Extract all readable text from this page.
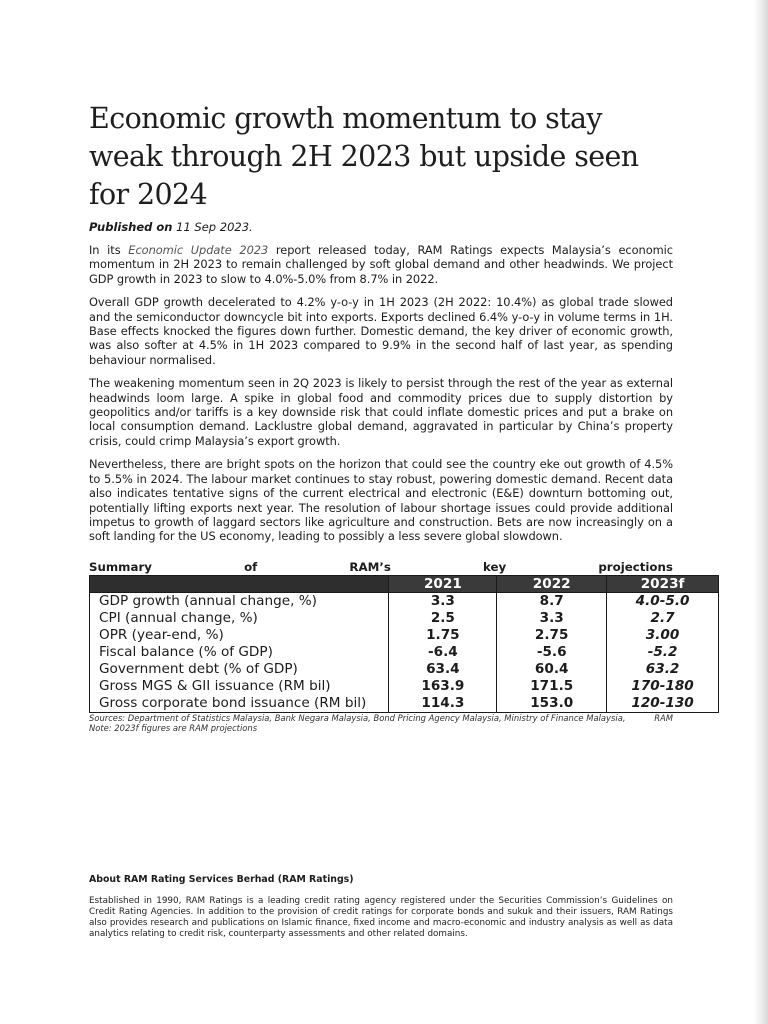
Economic growth momentum to stay weak through 2H 2023 but upside seen for 2024
Published on 11 Sep 2023.

In its Economic Update 2023 report released today, RAM Ratings expects Malaysia’s economic momentum in 2H 2023 to remain challenged by soft global demand and other headwinds. We project GDP growth in 2023 to slow to 4.0%-5.0% from 8.7% in 2022.

Overall GDP growth decelerated to 4.2% y-o-y in 1H 2023 (2H 2022: 10.4%) as global trade slowed and the semiconductor downcycle bit into exports. Exports declined 6.4% y-o-y in volume terms in 1H. Base effects knocked the figures down further. Domestic demand, the key driver of economic growth, was also softer at 4.5% in 1H 2023 compared to 9.9% in the second half of last year, as spending behaviour normalised.

The weakening momentum seen in 2Q 2023 is likely to persist through the rest of the year as external headwinds loom large. A spike in global food and commodity prices due to supply distortion by geopolitics and/or tariffs is a key downside risk that could inflate domestic prices and put a brake on local consumption demand. Lacklustre global demand, aggravated in particular by China’s property crisis, could crimp Malaysia’s export growth.

Nevertheless, there are bright spots on the horizon that could see the country eke out growth of 4.5% to 5.5% in 2024. The labour market continues to stay robust, powering domestic demand. Recent data also indicates tentative signs of the current electrical and electronic (E&E) downturn bottoming out, potentially lifting exports next year. The resolution of labour shortage issues could provide additional impetus to growth of laggard sectors like agriculture and construction. Bets are now increasingly on a soft landing for the US economy, leading to possibly a less severe global slowdown.

Summary	of	RAM’s	key	projections
	2021	2022	2023f
GDP growth (annual change, %)	3.3	8.7	4.0-5.0
CPI (annual change, %)	2.5	3.3	2.7
OPR (year-end, %)	1.75	2.75	3.00
Fiscal balance (% of GDP)	-6.4	-5.6	-5.2
Government debt (% of GDP)	63.4	60.4	63.2
Gross MGS & GII issuance (RM bil)	163.9	171.5	170-180
Gross corporate bond issuance (RM bil)	114.3	153.0	120-130
Sources: Department of Statistics Malaysia, Bank Negara Malaysia, Bond Pricing Agency Malaysia, Ministry of Finance Malaysia,	RAM
Note: 2023f figures are RAM projections
About RAM Rating Services Berhad (RAM Ratings)

Established in 1990, RAM Ratings is a leading credit rating agency registered under the Securities Commission’s Guidelines on Credit Rating Agencies. In addition to the provision of credit ratings for corporate bonds and sukuk and their issuers, RAM Ratings also provides research and publications on Islamic finance, fixed income and macro-economic and industry analysis as well as data analytics relating to credit risk, counterparty assessments and other related domains.
